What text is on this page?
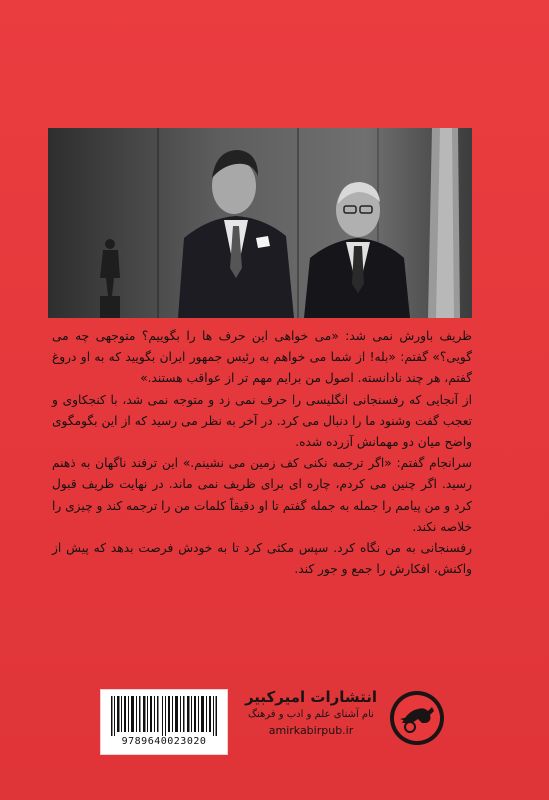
ظریف باورش نمی شد: «می خواهی این حرف ها را بگوییم؟ متوجهی چه می گویی؟» گفتم: «بله! از شما می خواهم به رئیس جمهور ایران بگویید که به او دروغ گفتم، هر چند نادانسته. اصول من برایم مهم تر از عواقب هستند.»

از آنجایی که رفسنجانی انگلیسی را حرف نمی زد و متوجه نمی شد، با کنجکاوی و تعجب گفت وشنود ما را دنبال می کرد. در آخر به نظر می رسید که از این بگومگوی واضح میان دو مهمانش آزرده شده.

سرانجام گفتم: «اگر ترجمه نکنی کف زمین می نشینم.» این ترفند ناگهان به ذهنم رسید. اگر چنین می کردم، چاره ای برای ظریف نمی ماند. در نهایت ظریف قبول کرد و من پیامم را جمله به جمله گفتم تا او دقیقاً کلمات من را ترجمه کند و چیزی را خلاصه نکند.

رفسنجانی به من نگاه کرد. سپس مکثی کرد تا به خودش فرصت بدهد که پیش از واکنش، افکارش را جمع و جور کند.

9789640023020
انتشارات امیرکبیر
نام آشنای علم و ادب و فرهنگ
amirkabirpub.ir
